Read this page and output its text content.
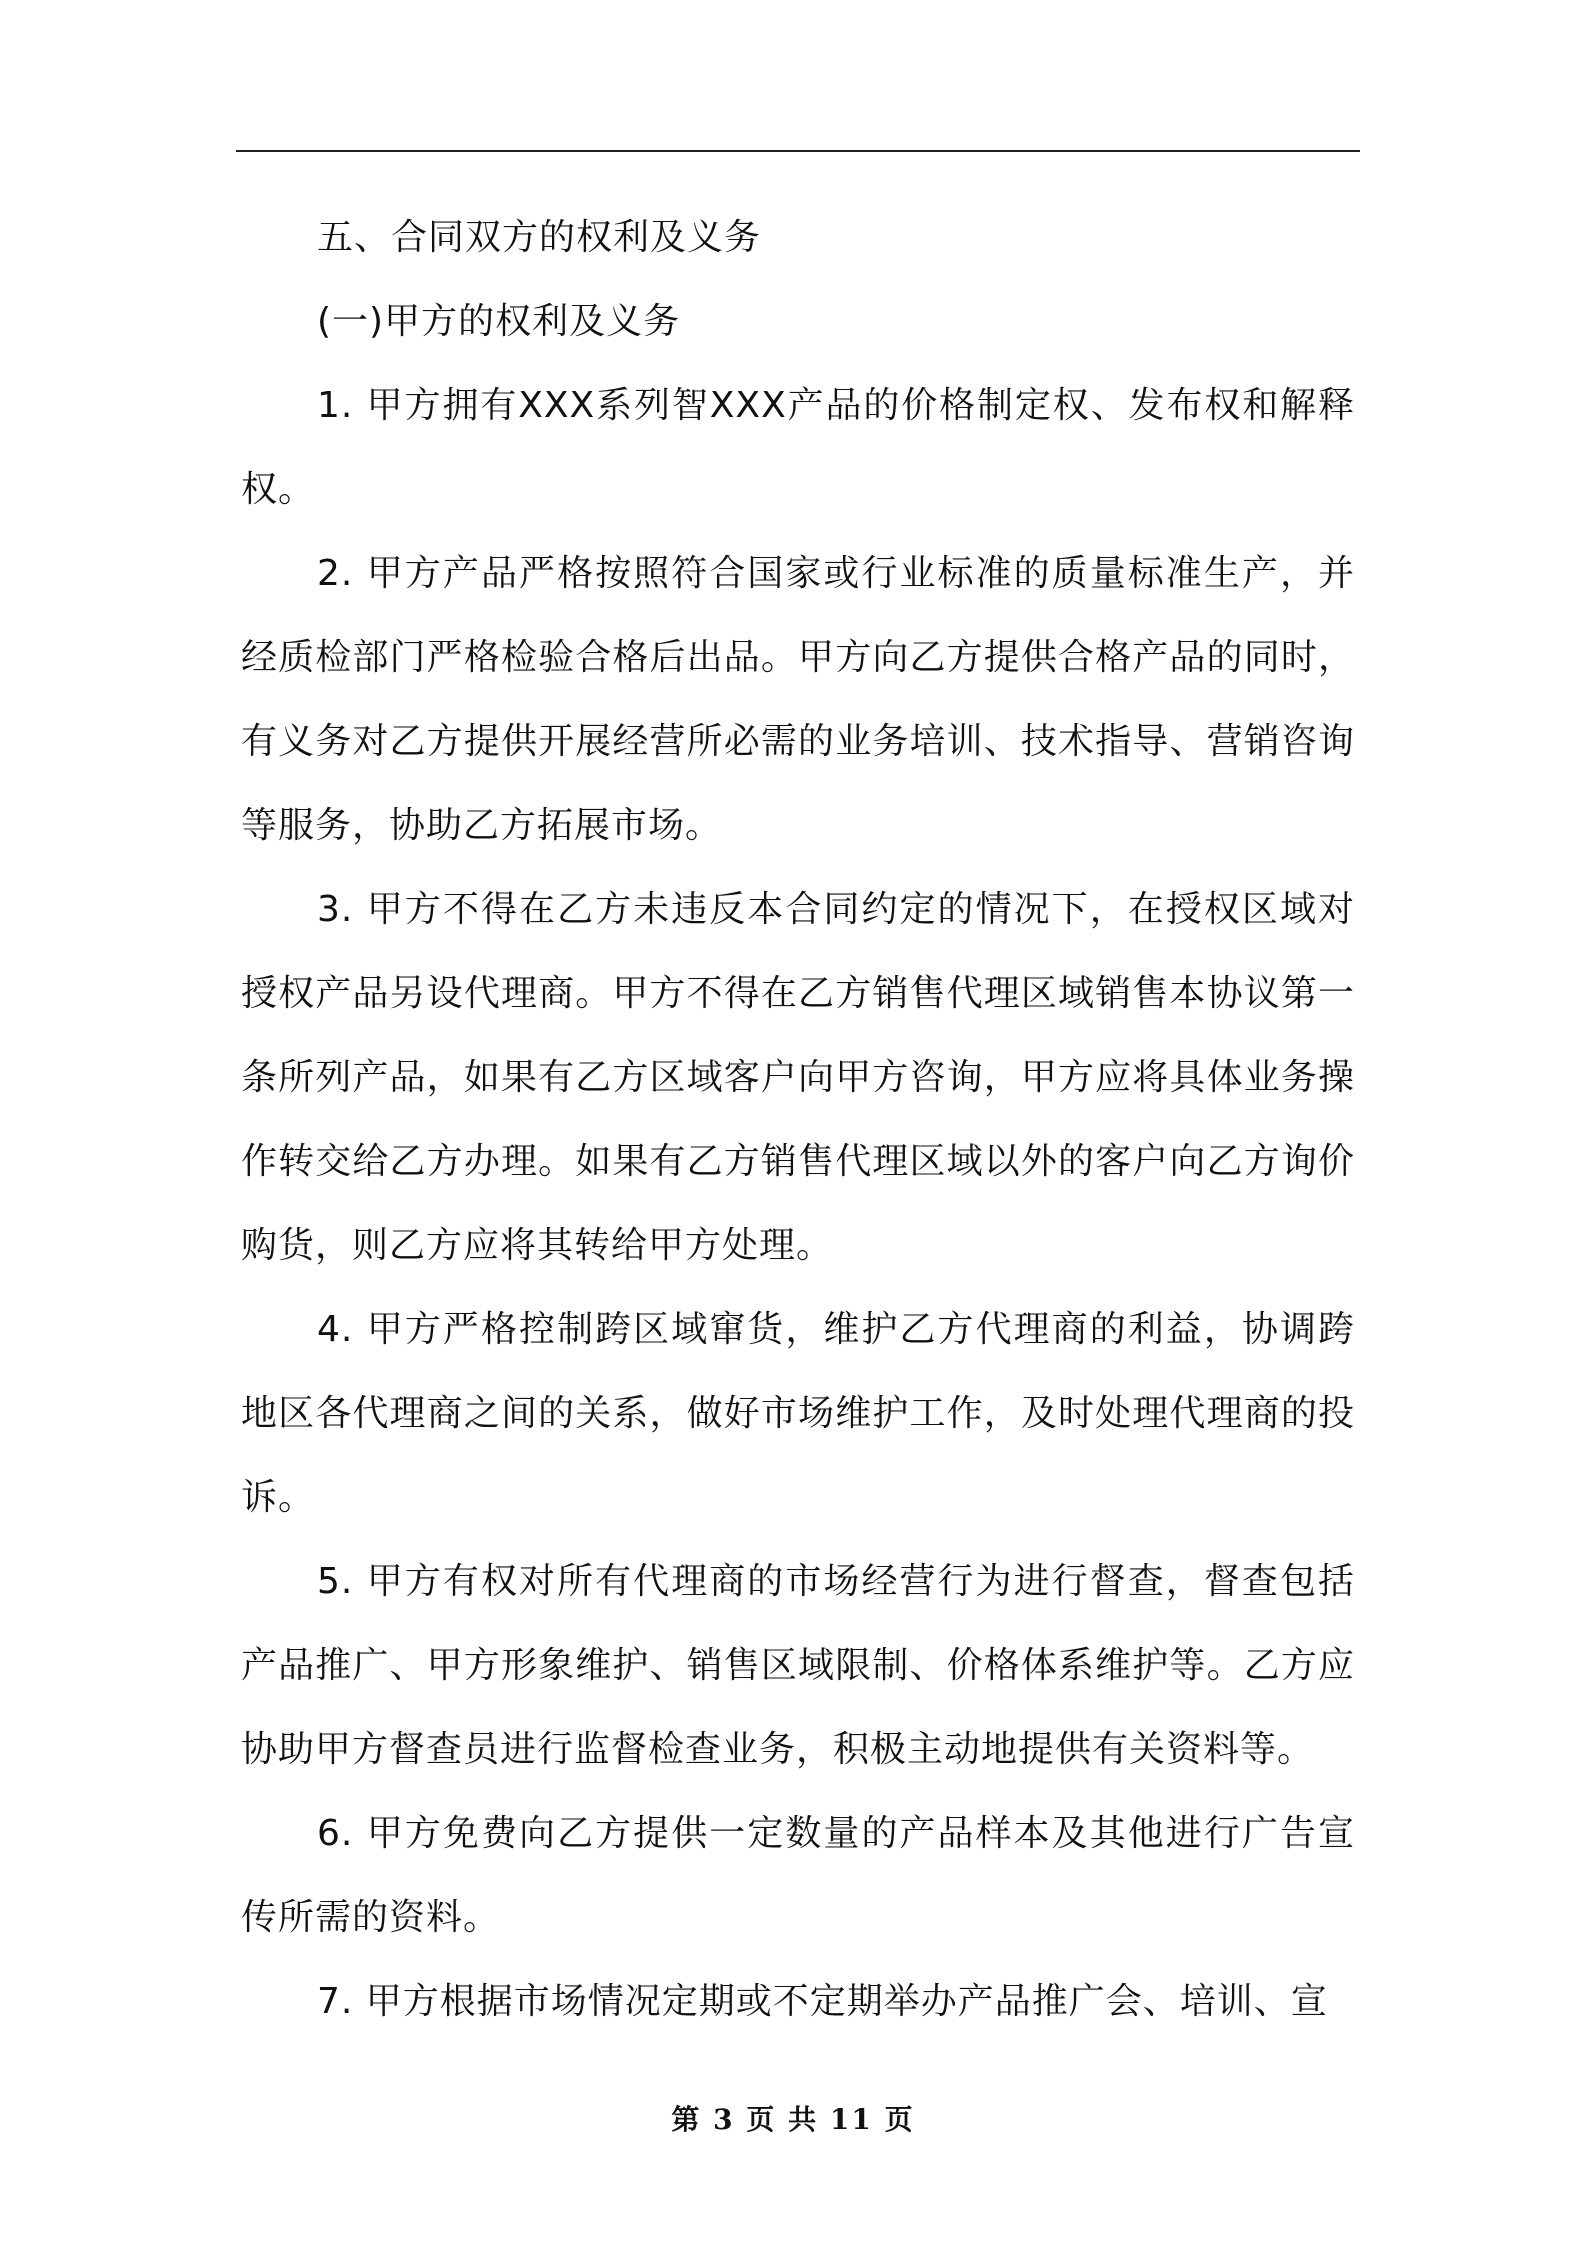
五、合同双方的权利及义务

(一)甲方的权利及义务

1. 甲方拥有XXX系列智XXX产品的价格制定权、发布权和解释权。

2. 甲方产品严格按照符合国家或行业标准的质量标准生产，并经质检部门严格检验合格后出品。甲方向乙方提供合格产品的同时，有义务对乙方提供开展经营所必需的业务培训、技术指导、营销咨询等服务，协助乙方拓展市场。

3. 甲方不得在乙方未违反本合同约定的情况下，在授权区域对授权产品另设代理商。甲方不得在乙方销售代理区域销售本协议第一条所列产品，如果有乙方区域客户向甲方咨询，甲方应将具体业务操作转交给乙方办理。如果有乙方销售代理区域以外的客户向乙方询价购货，则乙方应将其转给甲方处理。

4. 甲方严格控制跨区域窜货，维护乙方代理商的利益，协调跨地区各代理商之间的关系，做好市场维护工作，及时处理代理商的投诉。

5. 甲方有权对所有代理商的市场经营行为进行督查，督查包括产品推广、甲方形象维护、销售区域限制、价格体系维护等。乙方应协助甲方督查员进行监督检查业务，积极主动地提供有关资料等。

6. 甲方免费向乙方提供一定数量的产品样本及其他进行广告宣传所需的资料。

7. 甲方根据市场情况定期或不定期举办产品推广会、培训、宣

第 3 页 共 11 页
